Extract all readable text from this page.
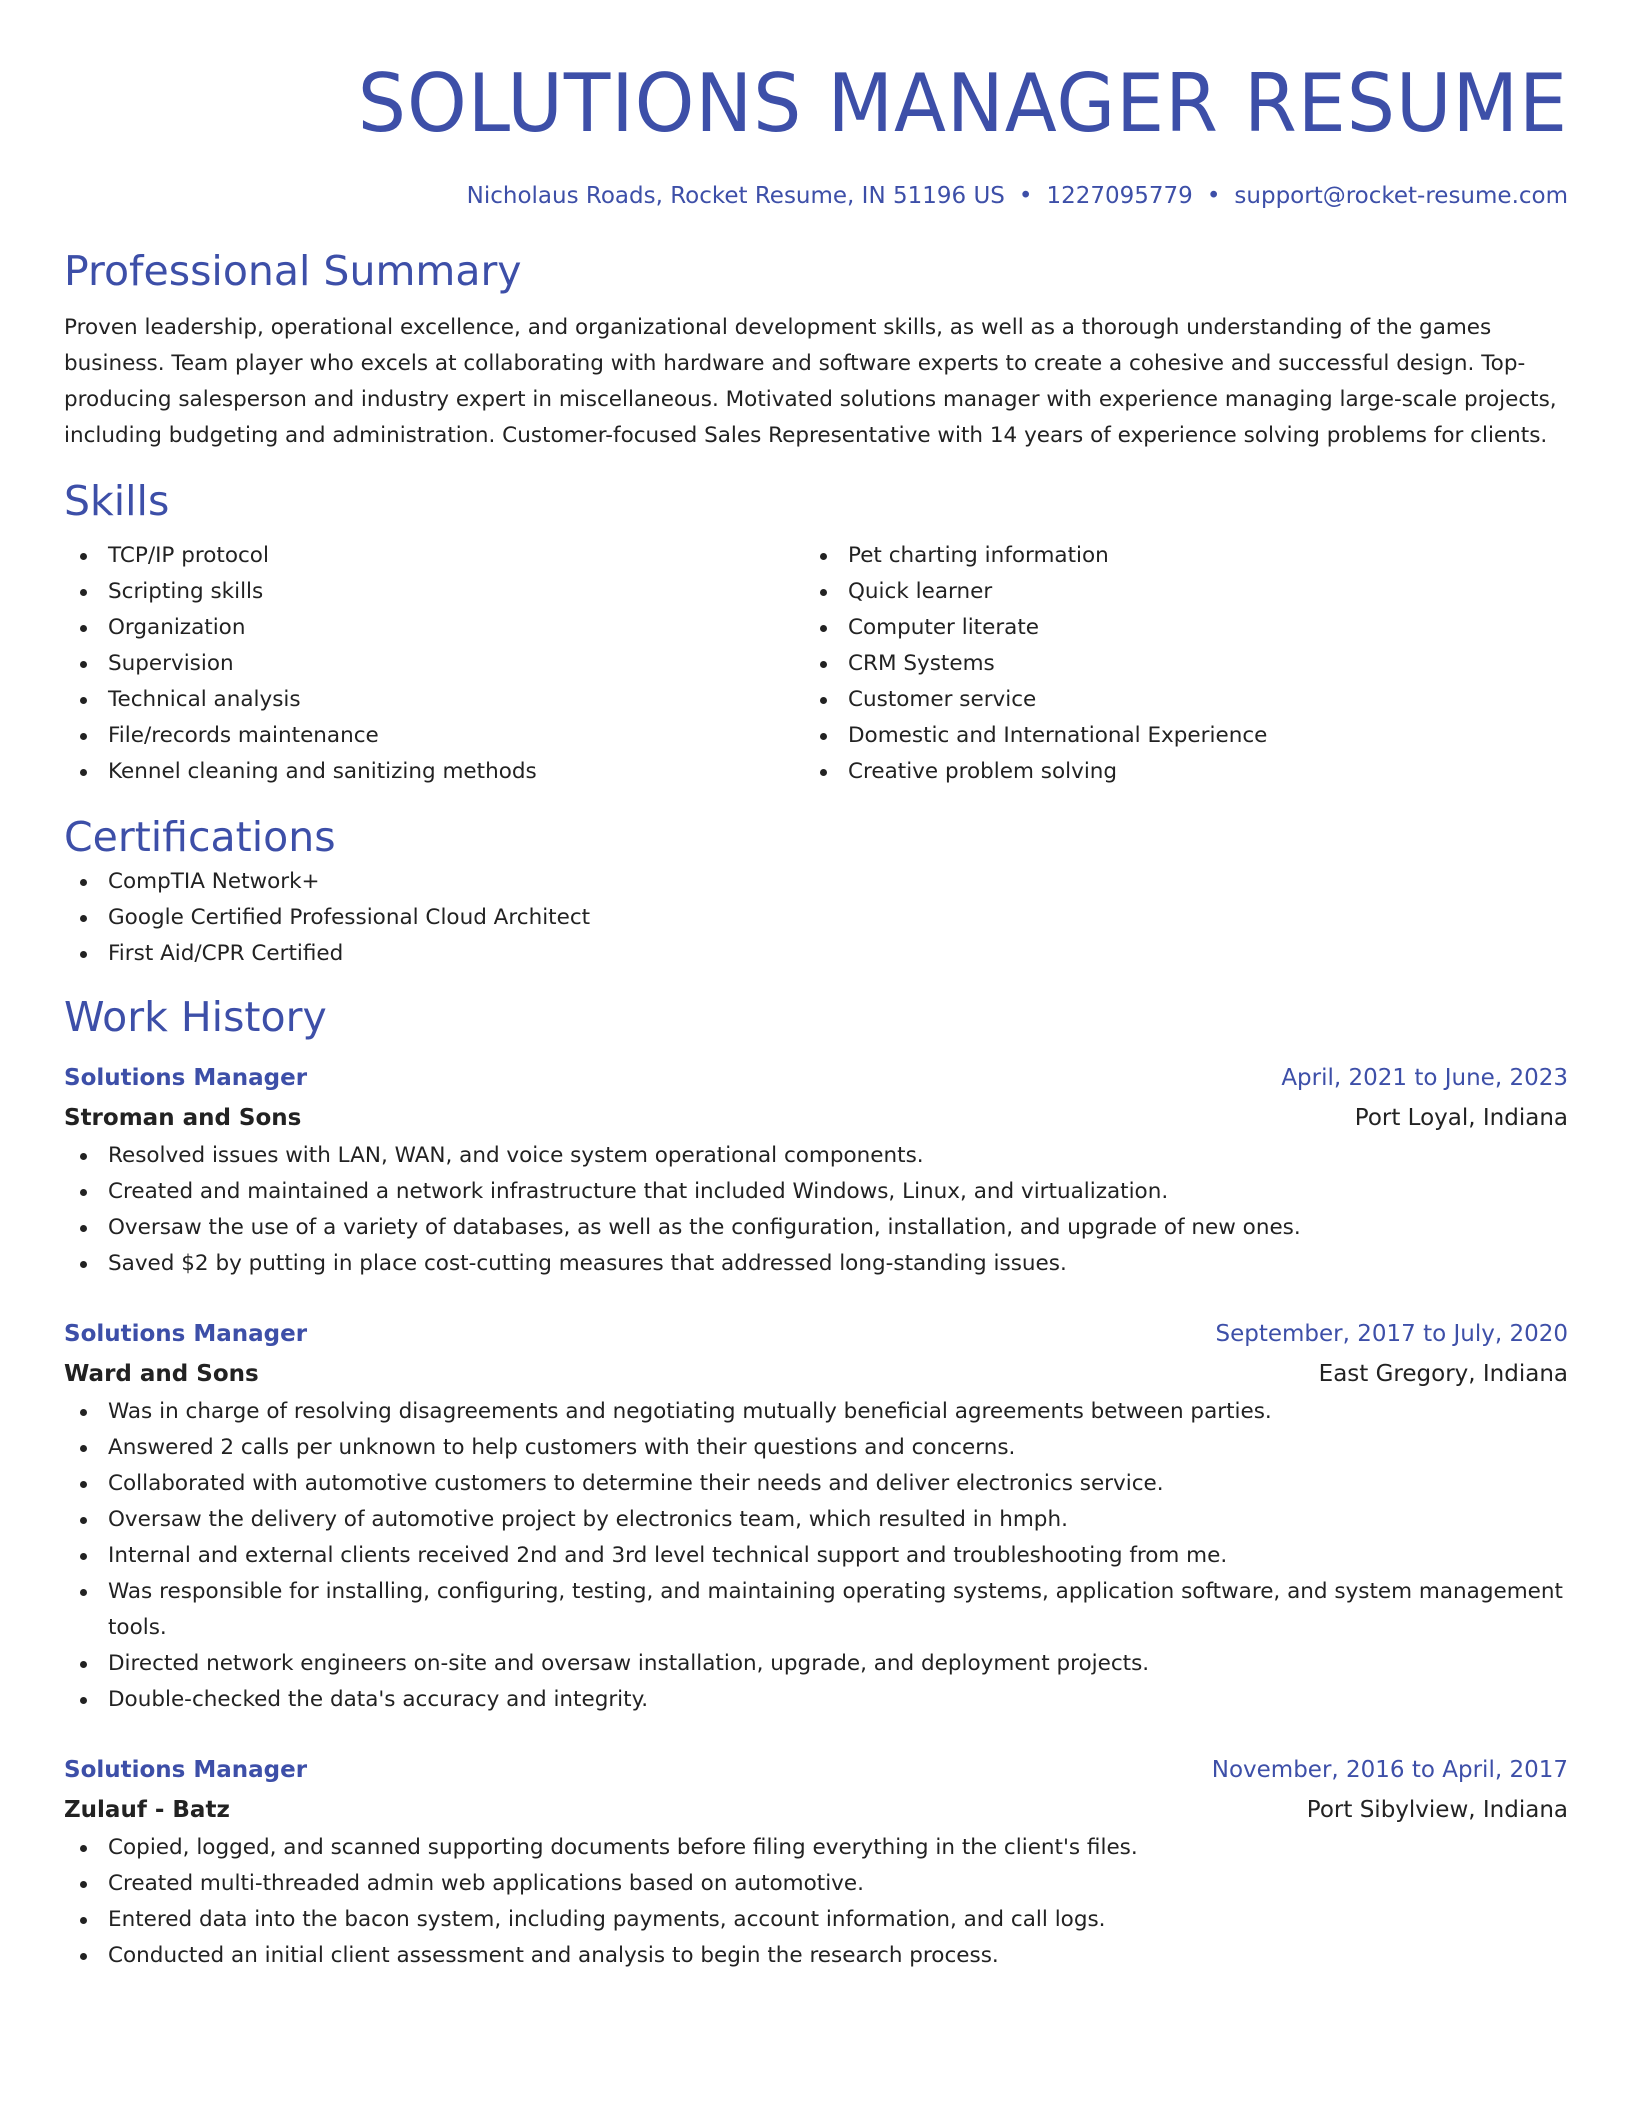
SOLUTIONS MANAGER RESUME
Nicholaus Roads, Rocket Resume, IN 51196 US • 1227095779 • support@rocket-resume.com
Professional Summary
Proven leadership, operational excellence, and organizational development skills, as well as a thorough understanding of the games business. Team player who excels at collaborating with hardware and software experts to create a cohesive and successful design. Top-producing salesperson and industry expert in miscellaneous. Motivated solutions manager with experience managing large-scale projects, including budgeting and administration. Customer-focused Sales Representative with 14 years of experience solving problems for clients.
Skills
TCP/IP protocol
Scripting skills
Organization
Supervision
Technical analysis
File/records maintenance
Kennel cleaning and sanitizing methods
Pet charting information
Quick learner
Computer literate
CRM Systems
Customer service
Domestic and International Experience
Creative problem solving
Certifications
CompTIA Network+
Google Certified Professional Cloud Architect
First Aid/CPR Certified
Work History
Solutions Manager	April, 2021 to June, 2023
Stroman and Sons	Port Loyal, Indiana
Resolved issues with LAN, WAN, and voice system operational components.
Created and maintained a network infrastructure that included Windows, Linux, and virtualization.
Oversaw the use of a variety of databases, as well as the configuration, installation, and upgrade of new ones.
Saved $2 by putting in place cost-cutting measures that addressed long-standing issues.
Solutions Manager	September, 2017 to July, 2020
Ward and Sons	East Gregory, Indiana
Was in charge of resolving disagreements and negotiating mutually beneficial agreements between parties.
Answered 2 calls per unknown to help customers with their questions and concerns.
Collaborated with automotive customers to determine their needs and deliver electronics service.
Oversaw the delivery of automotive project by electronics team, which resulted in hmph.
Internal and external clients received 2nd and 3rd level technical support and troubleshooting from me.
Was responsible for installing, configuring, testing, and maintaining operating systems, application software, and system management tools.
Directed network engineers on-site and oversaw installation, upgrade, and deployment projects.
Double-checked the data's accuracy and integrity.
Solutions Manager	November, 2016 to April, 2017
Zulauf - Batz	Port Sibylview, Indiana
Copied, logged, and scanned supporting documents before filing everything in the client's files.
Created multi-threaded admin web applications based on automotive.
Entered data into the bacon system, including payments, account information, and call logs.
Conducted an initial client assessment and analysis to begin the research process.
